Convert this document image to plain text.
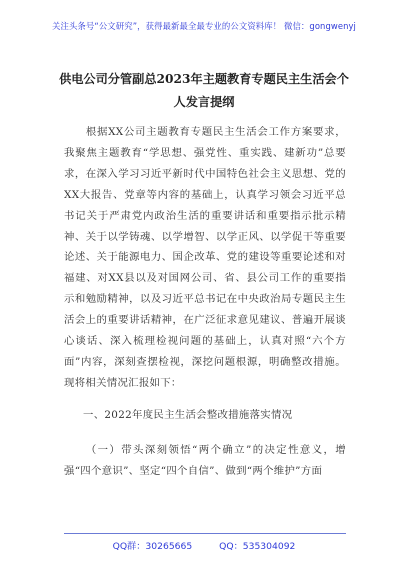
关注头条号“公文研究”，获得最新最全最专业的公文资料库！ 微信：gongwenyj
供电公司分管副总2023年主题教育专题民主生活会个人发言提纲
根据XX公司主题教育专题民主生活会工作方案要求，我聚焦主题教育“学思想、强党性、重实践、建新功”总要求，在深入学习习近平新时代中国特色社会主义思想、党的XX大报告、党章等内容的基础上，认真学习领会习近平总书记关于严肃党内政治生活的重要讲话和重要指示批示精神、关于以学铸魂、以学增智、以学正风、以学促干等重要论述、关于能源电力、国企改革、党的建设等重要论述和对福建、对XX县以及对国网公司、省、县公司工作的重要指示和勉励精神，以及习近平总书记在中央政治局专题民主生活会上的重要讲话精神，在广泛征求意见建议、普遍开展谈心谈话、深入梳理检视问题的基础上，认真对照“六个方面”内容，深刻查摆检视，深挖问题根源，明确整改措施。现将相关情况汇报如下：
一、2022年度民主生活会整改措施落实情况
（一）带头深刻领悟“两个确立”的决定性意义，增强“四个意识”、坚定“四个自信”、做到“两个维护”方面
QQ群：30265665	QQ：535304092
